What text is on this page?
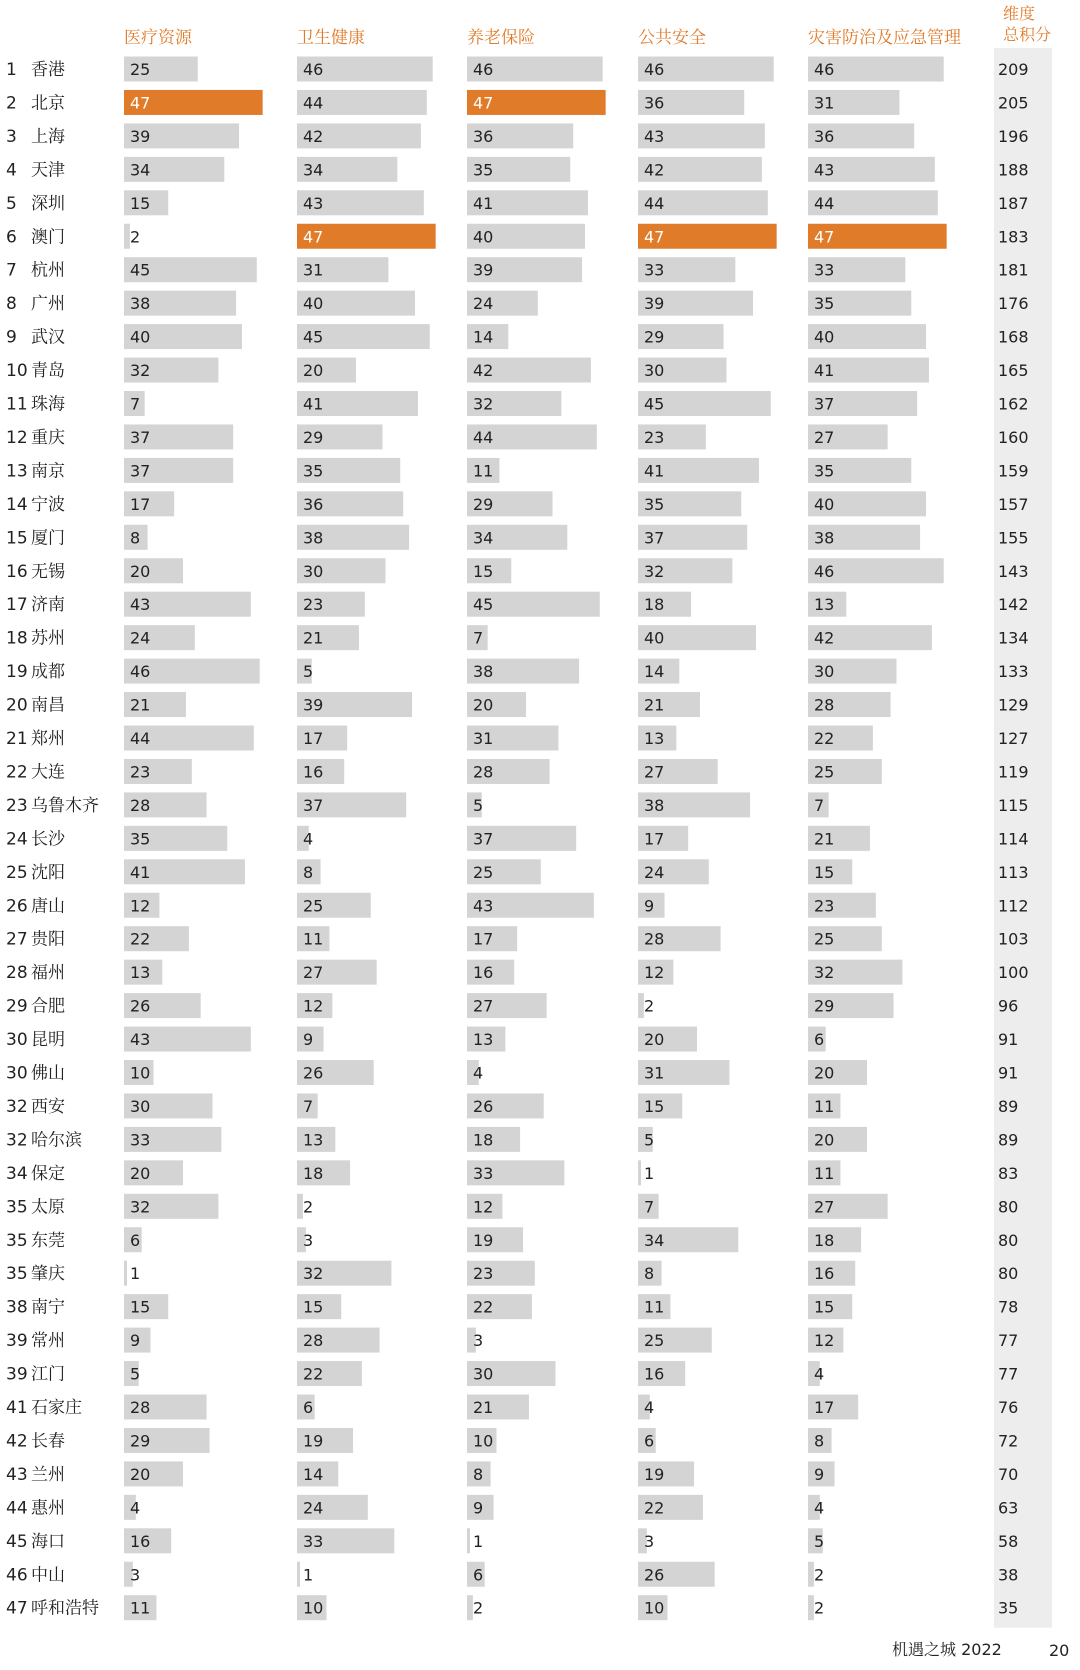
医疗资源	卫生健康	养老保险	公共安全	灾害防治及应急管理
维度
总积分
1 香港	25	46	46	46	46	209
2 北京	47	44	47	36	31	205
3 上海	39	42	36	43	36	196
4 天津	34	34	35	42	43	188
5 深圳	15	43	41	44	44	187
6 澳门	2	47	40	47	47	183
7 杭州	45	31	39	33	33	181
8 广州	38	40	24	39	35	176
9 武汉	40	45	14	29	40	168
10 青岛	32	20	42	30	41	165
11 珠海	7	41	32	45	37	162
12 重庆	37	29	44	23	27	160
13 南京	37	35	11	41	35	159
14 宁波	17	36	29	35	40	157
15 厦门	8	38	34	37	38	155
16 无锡	20	30	15	32	46	143
17 济南	43	23	45	18	13	142
18 苏州	24	21	7	40	42	134
19 成都	46	5	38	14	30	133
20 南昌	21	39	20	21	28	129
21 郑州	44	17	31	13	22	127
22 大连	23	16	28	27	25	119
23 乌鲁木齐 28	37	5	38	7	115
24 长沙	35	4	37	17	21	114
25 沈阳	41	8	25	24	15	113
26 唐山	12	25	43	9	23	112
27 贵阳	22	11	17	28	25	103
28 福州	13	27	16	12	32	100
29 合肥	26	12	27	2	29	96
30 昆明	43	9	13	20	6	91
30 佛山	10	26	4	31	20	91
32 西安	30	7	26	15	11	89
32 哈尔滨	33	13	18	5	20	89
34 保定	20	18	33	1	11	83
35 太原	32	2	12	7	27	80
35 东莞	6	3	19	34	18	80
35 肇庆	1	32	23	8	16	80
38 南宁	15	15	22	11	15	78
39 常州	9	28	3	25	12	77
39 江门	5	22	30	16	4	77
41 石家庄	28	6	21	4	17	76
42 长春	29	19	10	6	8	72
43 兰州	20	14	8	19	9	70
44 惠州	4	24	9	22	4	63
45 海口	16	33	1	3	5	58
46 中山	3	1	6	26	2	38
47 呼和浩特 11	10	2	10	2	35
机遇之城 2022	20
